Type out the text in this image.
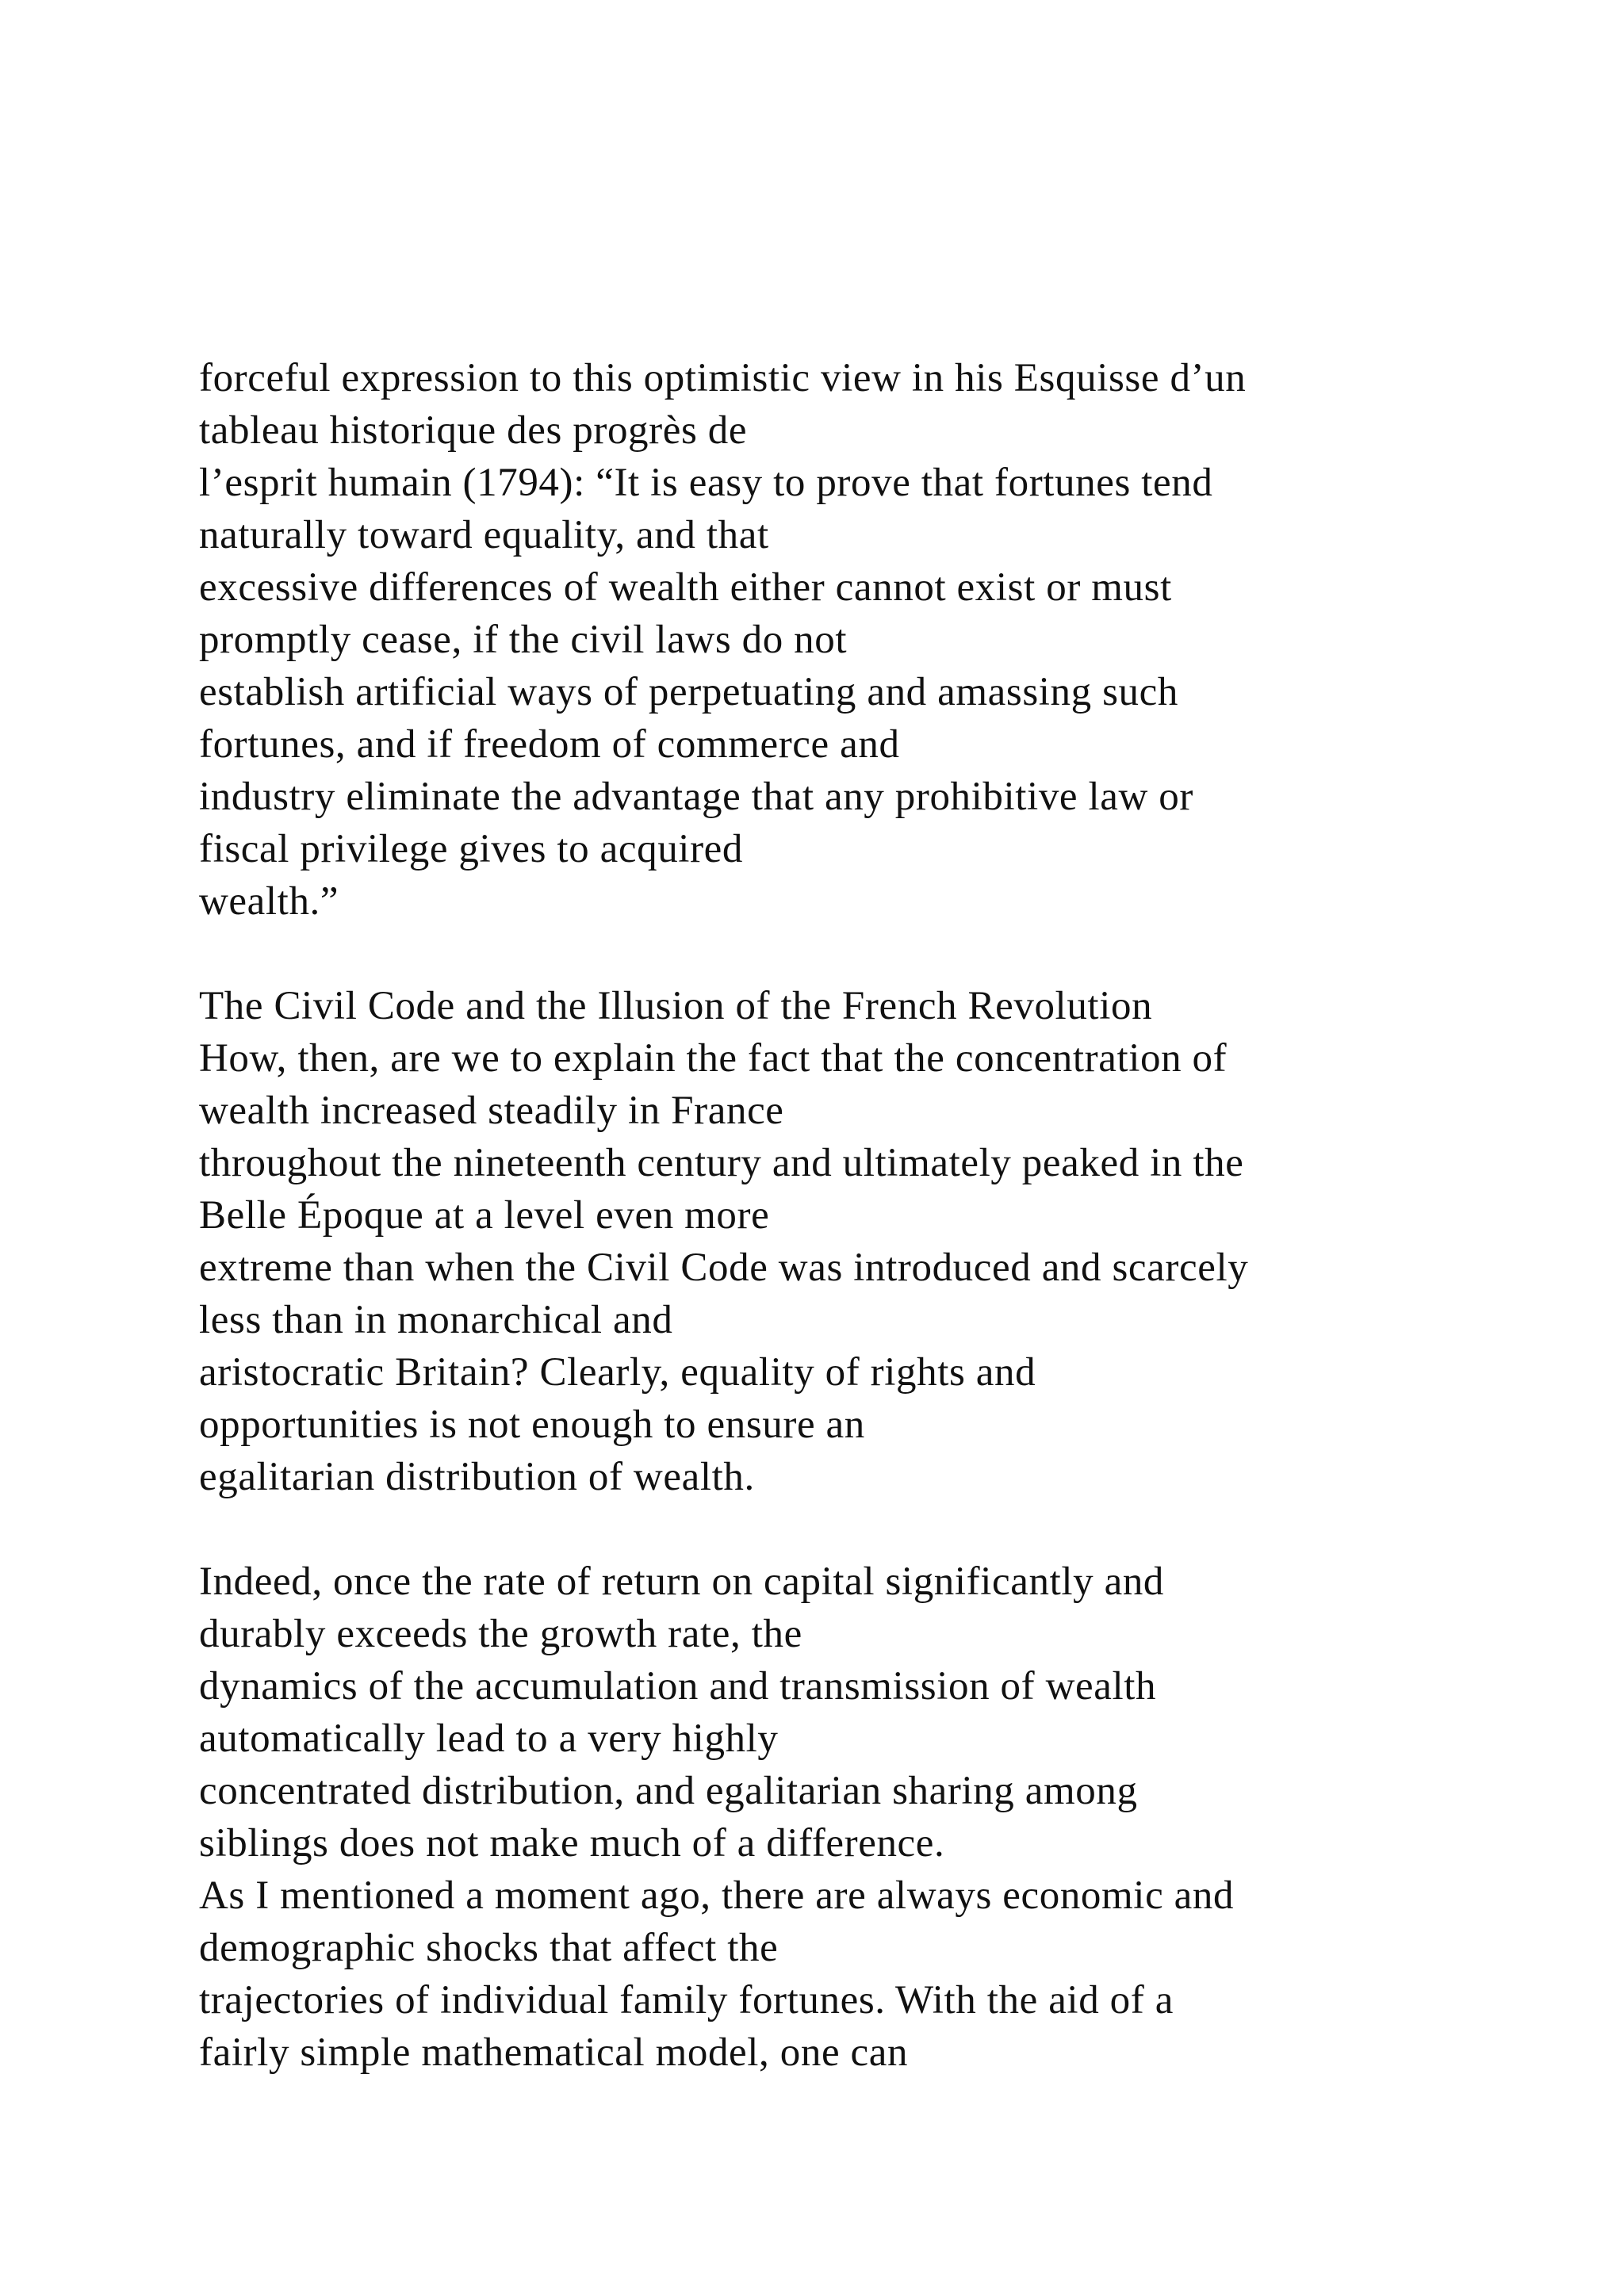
forceful expression to this optimistic view in his Esquisse d’un
tableau historique des progrès de
l’esprit humain (1794): “It is easy to prove that fortunes tend
naturally toward equality, and that
excessive differences of wealth either cannot exist or must
promptly cease, if the civil laws do not
establish artificial ways of perpetuating and amassing such
fortunes, and if freedom of commerce and
industry eliminate the advantage that any prohibitive law or
fiscal privilege gives to acquired
wealth.”
The Civil Code and the Illusion of the French Revolution
How, then, are we to explain the fact that the concentration of
wealth increased steadily in France
throughout the nineteenth century and ultimately peaked in the
Belle Époque at a level even more
extreme than when the Civil Code was introduced and scarcely
less than in monarchical and
aristocratic Britain? Clearly, equality of rights and
opportunities is not enough to ensure an
egalitarian distribution of wealth.
Indeed, once the rate of return on capital significantly and
durably exceeds the growth rate, the
dynamics of the accumulation and transmission of wealth
automatically lead to a very highly
concentrated distribution, and egalitarian sharing among
siblings does not make much of a difference.
As I mentioned a moment ago, there are always economic and
demographic shocks that affect the
trajectories of individual family fortunes. With the aid of a
fairly simple mathematical model, one can
